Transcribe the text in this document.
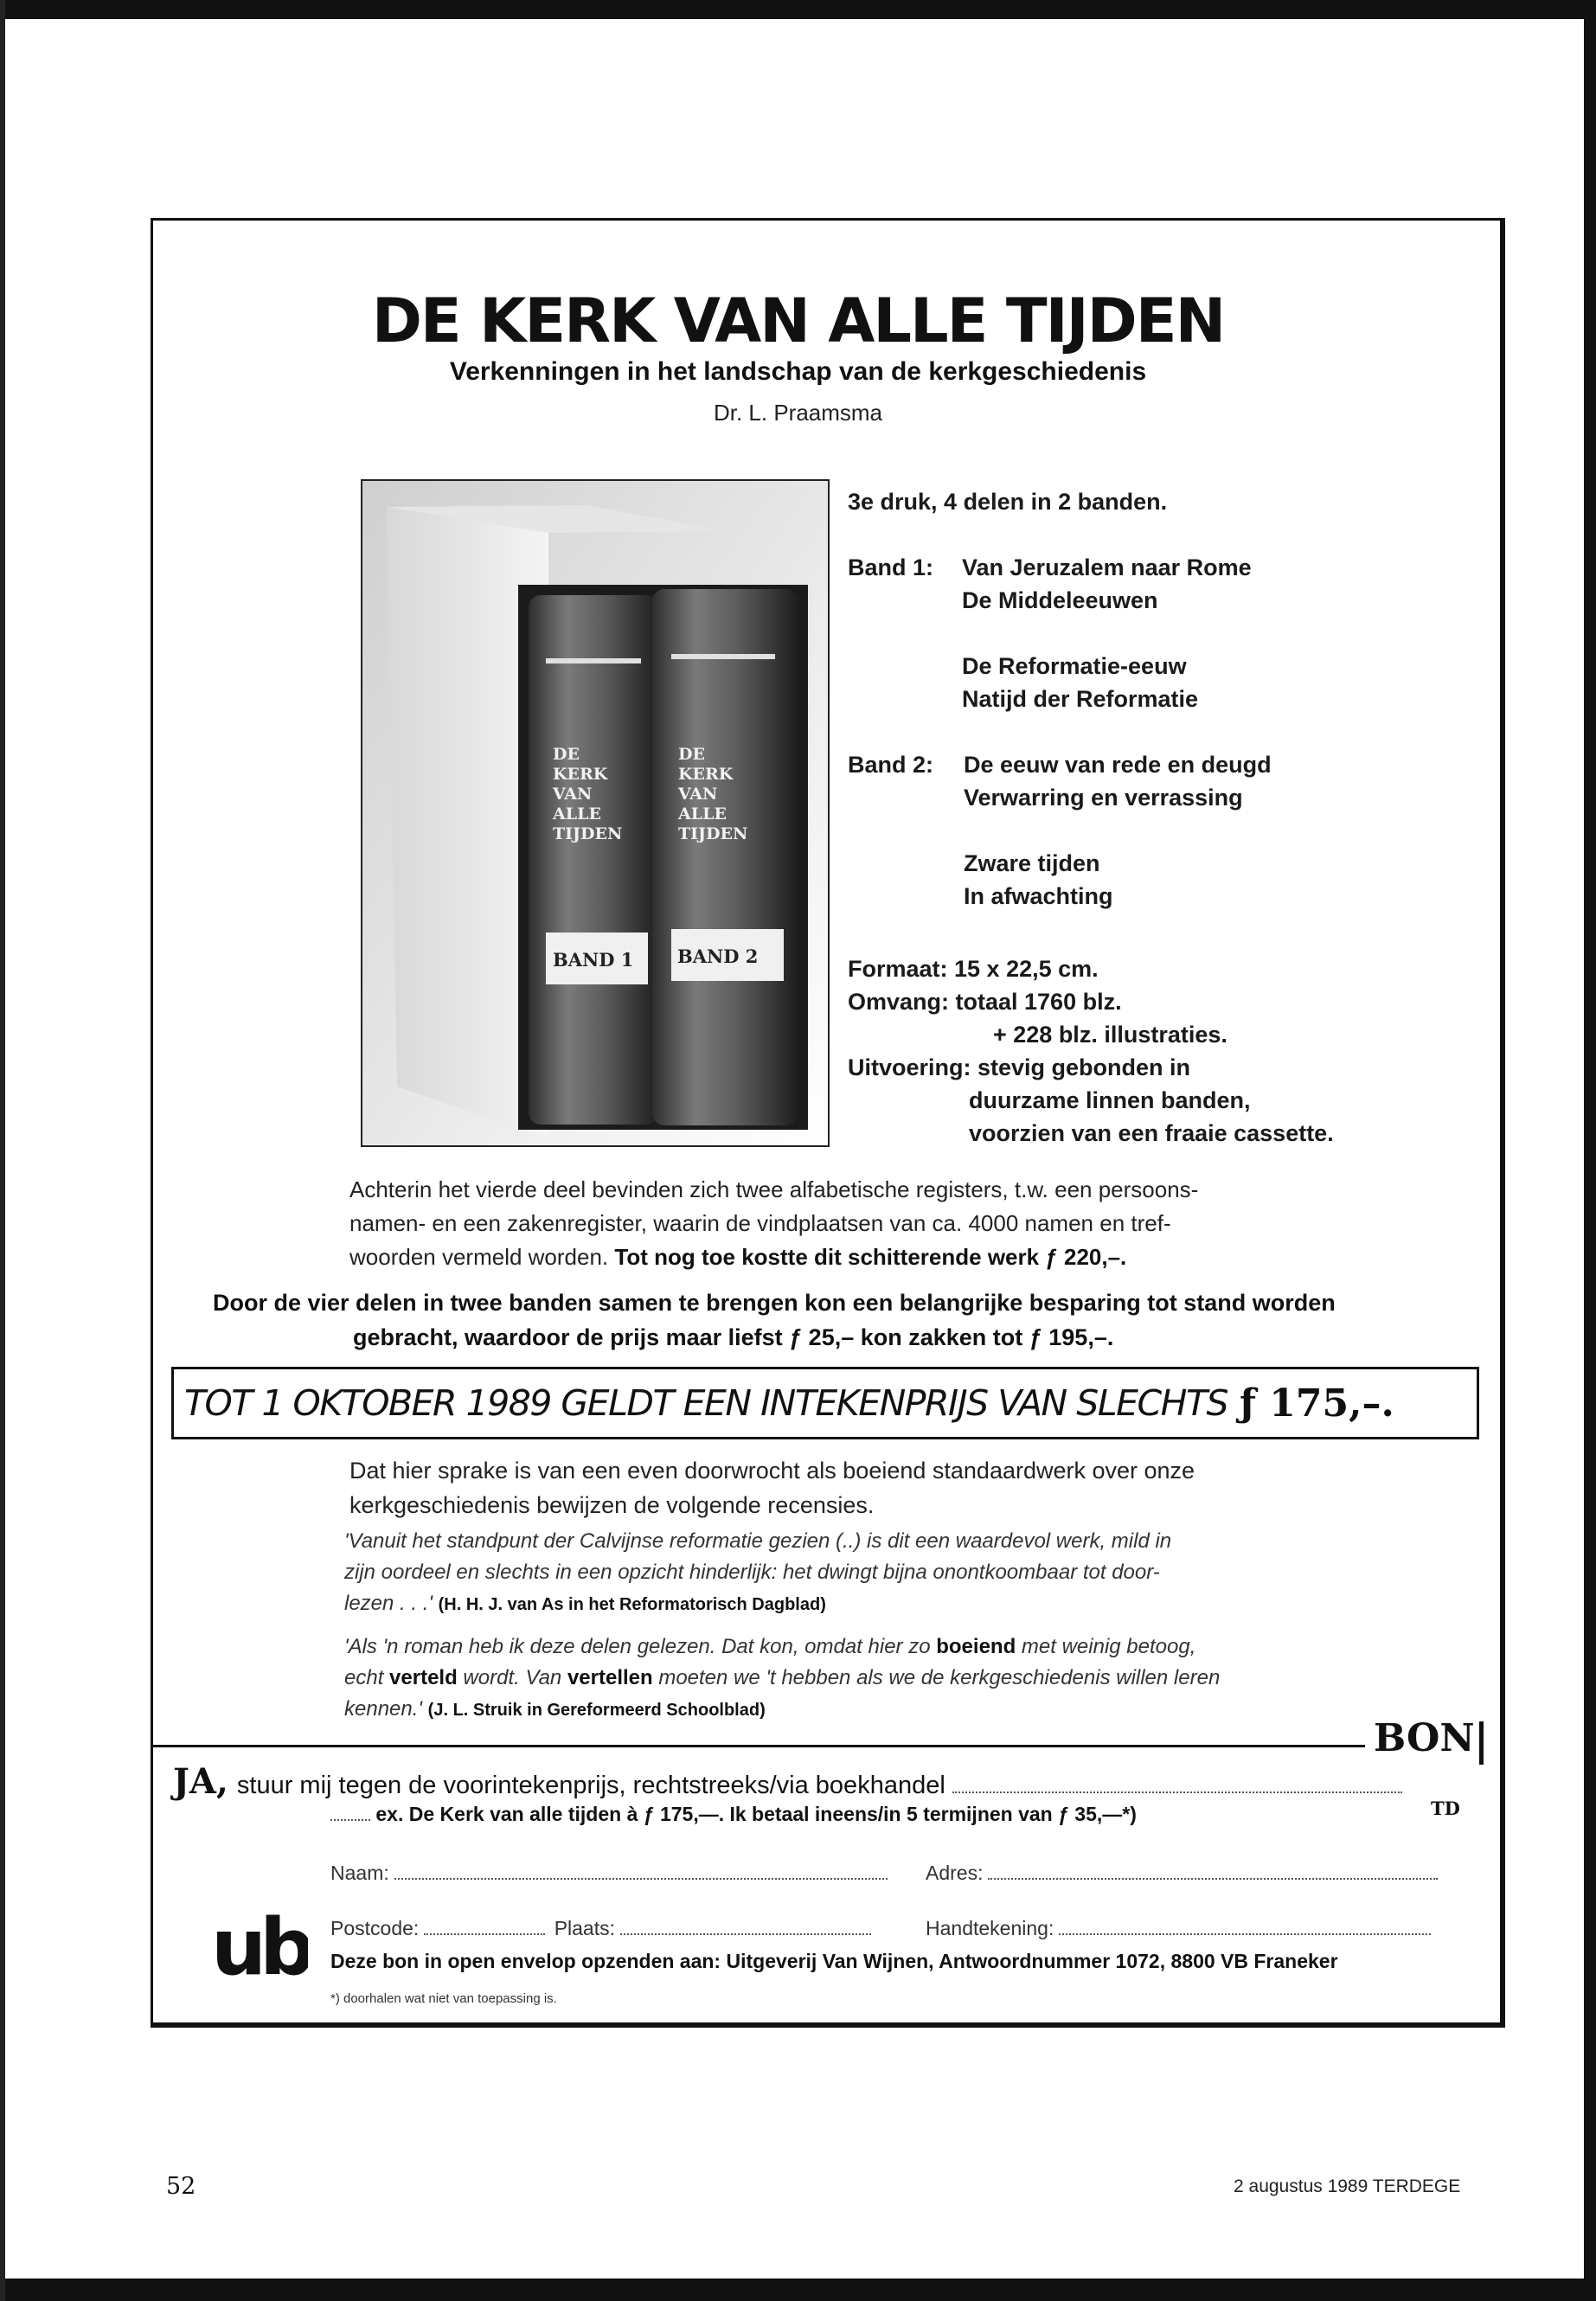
DE KERK VAN ALLE TIJDEN
Verkenningen in het landschap van de kerkgeschiedenis
Dr. L. Praamsma
DE
KERK
VAN
ALLE
TIJDEN
DE
KERK
VAN
ALLE
TIJDEN
BAND 1 BAND 2
3e druk, 4 delen in 2 banden.
Band 1: Van Jeruzalem naar Rome
De Middeleeuwen
De Reformatie-eeuw
Natijd der Reformatie
Band 2: De eeuw van rede en deugd
Verwarring en verrassing
Zware tijden
In afwachting
Formaat: 15 x 22,5 cm.
Omvang: totaal 1760 blz.
+ 228 blz. illustraties.
Uitvoering: stevig gebonden in
duurzame linnen banden,
voorzien van een fraaie cassette.
Achterin het vierde deel bevinden zich twee alfabetische registers, t.w. een persoons-
namen- en een zakenregister, waarin de vindplaatsen van ca. 4000 namen en tref-
woorden vermeld worden. Tot nog toe kostte dit schitterende werk ƒ 220,–.
Door de vier delen in twee banden samen te brengen kon een belangrijke besparing tot stand worden
gebracht, waardoor de prijs maar liefst ƒ 25,– kon zakken tot ƒ 195,–.
TOT 1 OKTOBER 1989 GELDT EEN INTEKENPRIJS VAN SLECHTS ƒ 175,–.
Dat hier sprake is van een even doorwrocht als boeiend standaardwerk over onze
kerkgeschiedenis bewijzen de volgende recensies.
'Vanuit het standpunt der Calvijnse reformatie gezien (..) is dit een waardevol werk, mild in
zijn oordeel en slechts in een opzicht hinderlijk: het dwingt bijna onontkoombaar tot door-
lezen . . .' (H. H. J. van As in het Reformatorisch Dagblad)
'Als 'n roman heb ik deze delen gelezen. Dat kon, omdat hier zo boeiend met weinig betoog,
echt verteld wordt. Van vertellen moeten we 't hebben als we de kerkgeschiedenis willen leren
kennen.' (J. L. Struik in Gereformeerd Schoolblad)
BON
JA, stuur mij tegen de voorintekenprijs, rechtstreeks/via boekhandel
ex. De Kerk van alle tijden à ƒ 175,—. Ik betaal ineens/in 5 termijnen van ƒ 35,—*)	TD
Naam:	Adres:
Postcode:	Plaats:	Handtekening:
ub Deze bon in open envelop opzenden aan: Uitgeverij Van Wijnen, Antwoordnummer 1072, 8800 VB Franeker
*) doorhalen wat niet van toepassing is.
52	2 augustus 1989 TERDEGE
